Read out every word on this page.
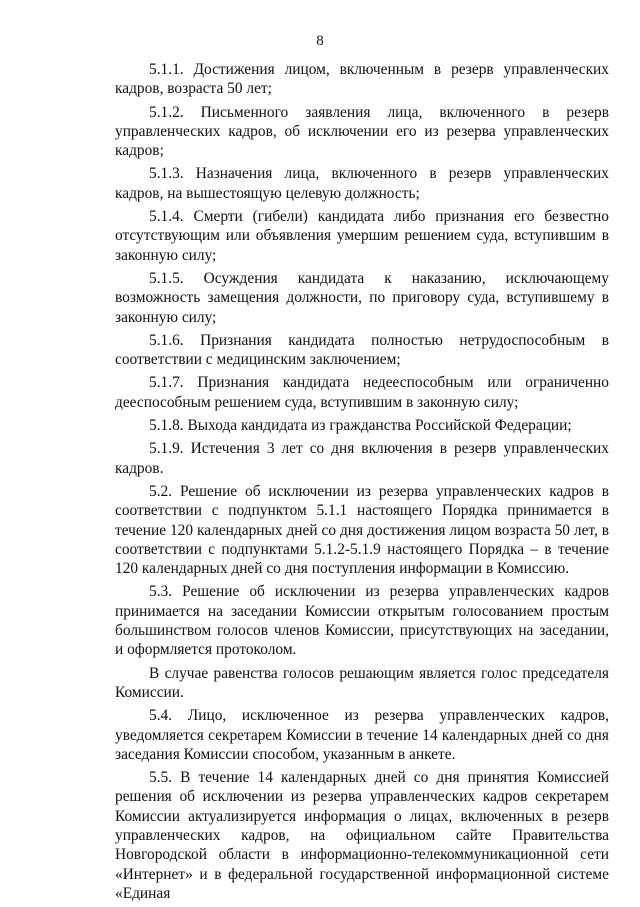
8

5.1.1. Достижения лицом, включенным в резерв управленческих кадров, возраста 50 лет;

5.1.2. Письменного заявления лица, включенного в резерв управленческих кадров, об исключении его из резерва управленческих кадров;

5.1.3. Назначения лица, включенного в резерв управленческих кадров, на вышестоящую целевую должность;

5.1.4. Смерти (гибели) кандидата либо признания его безвестно отсутствующим или объявления умершим решением суда, вступившим в законную силу;

5.1.5. Осуждения кандидата к наказанию, исключающему возможность замещения должности, по приговору суда, вступившему в законную силу;

5.1.6. Признания кандидата полностью нетрудоспособным в соответствии с медицинским заключением;

5.1.7. Признания кандидата недееспособным или ограниченно дееспособным решением суда, вступившим в законную силу;

5.1.8. Выхода кандидата из гражданства Российской Федерации;

5.1.9. Истечения 3 лет со дня включения в резерв управленческих кадров.

5.2. Решение об исключении из резерва управленческих кадров в соответствии с подпунктом 5.1.1 настоящего Порядка принимается в течение 120 календарных дней со дня достижения лицом возраста 50 лет, в соответствии с подпунктами 5.1.2-5.1.9 настоящего Порядка – в течение 120 календарных дней со дня поступления информации в Комиссию.

5.3. Решение об исключении из резерва управленческих кадров принимается на заседании Комиссии открытым голосованием простым большинством голосов членов Комиссии, присутствующих на заседании, и оформляется протоколом.

В случае равенства голосов решающим является голос председателя Комиссии.

5.4. Лицо, исключенное из резерва управленческих кадров, уведомляется секретарем Комиссии в течение 14 календарных дней со дня заседания Комиссии способом, указанным в анкете.

5.5. В течение 14 календарных дней со дня принятия Комиссией решения об исключении из резерва управленческих кадров секретарем Комиссии актуализируется информация о лицах, включенных в резерв управленческих кадров, на официальном сайте Правительства Новгородской области в информационно-телекоммуникационной сети «Интернет» и в федеральной государственной информационной системе «Единая
